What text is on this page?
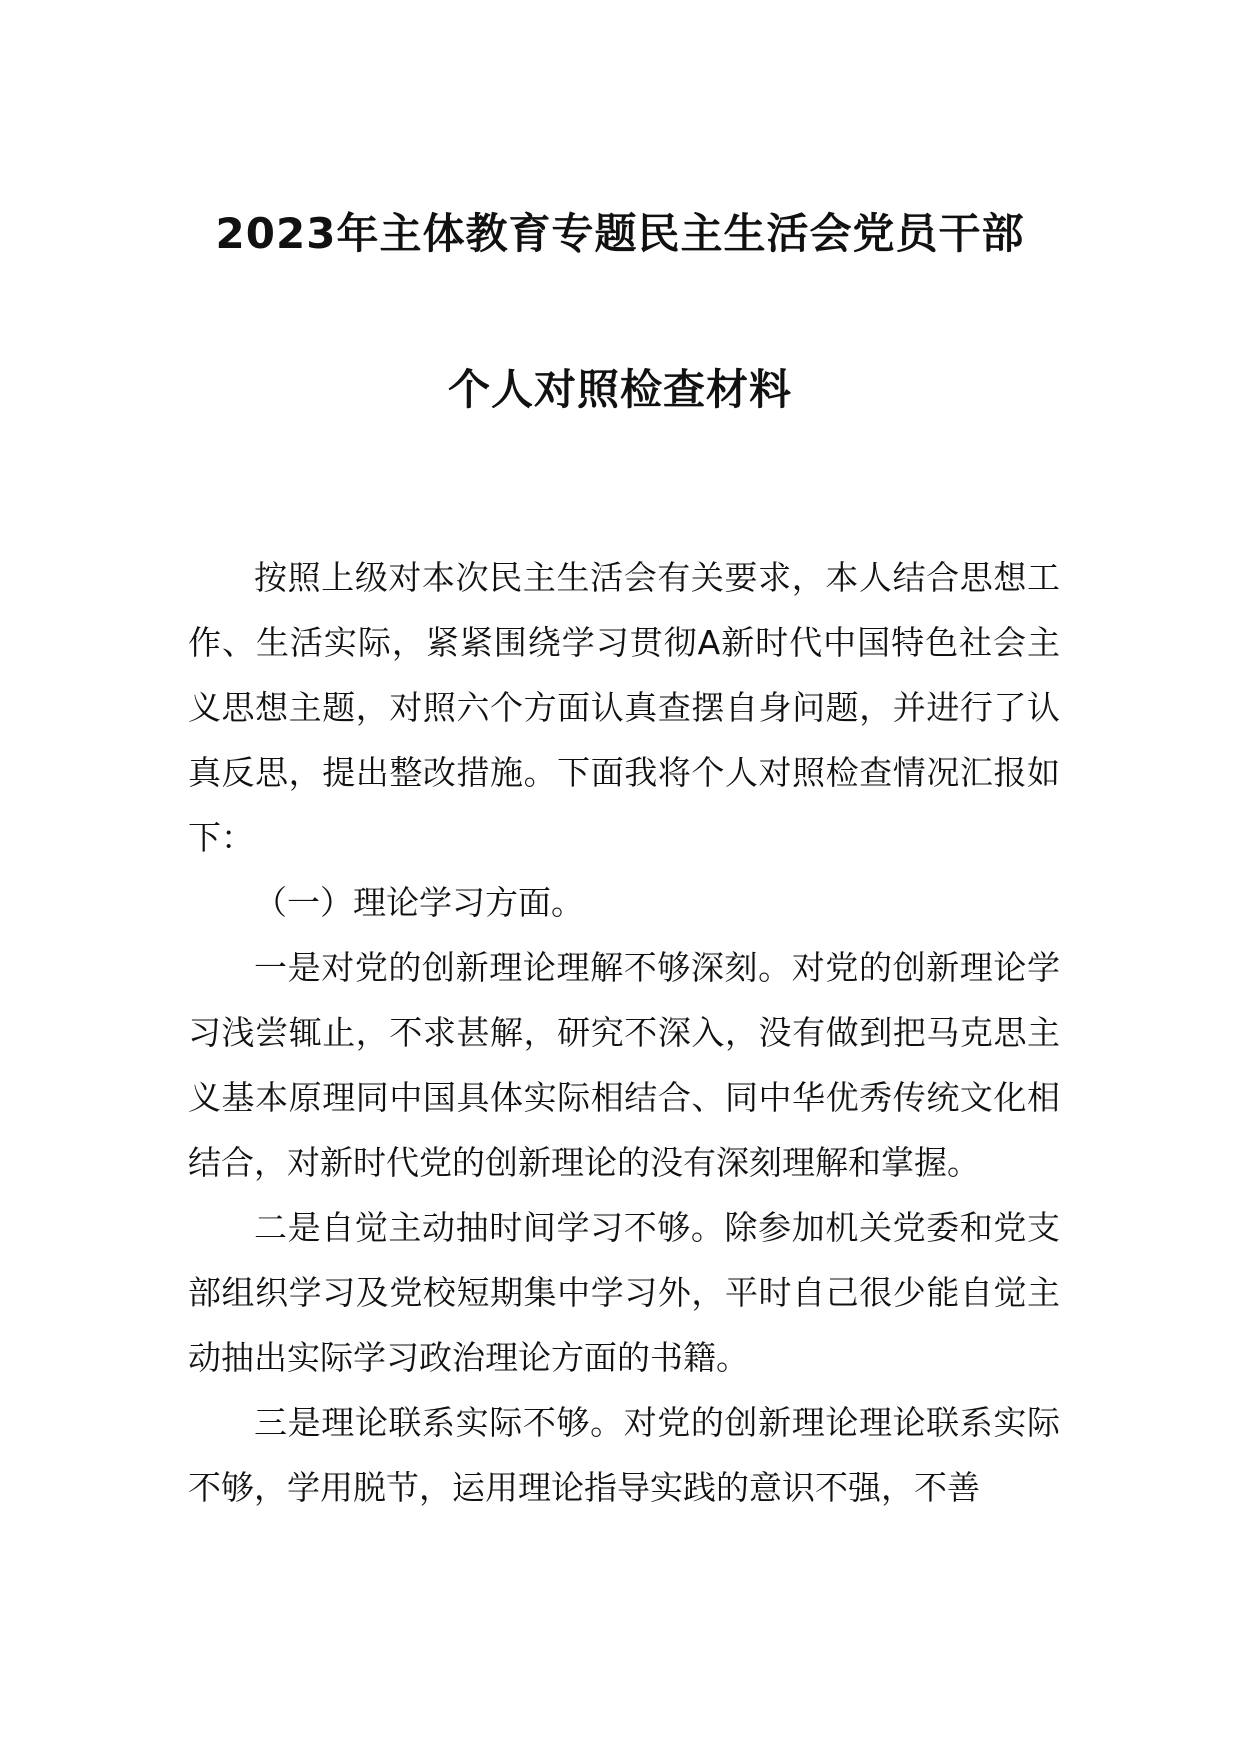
2023年主体教育专题民主生活会党员干部
个人对照检查材料

按照上级对本次民主生活会有关要求，本人结合思想工作、生活实际，紧紧围绕学习贯彻A新时代中国特色社会主义思想主题，对照六个方面认真查摆自身问题，并进行了认真反思，提出整改措施。下面我将个人对照检查情况汇报如下：

（一）理论学习方面。

一是对党的创新理论理解不够深刻。对党的创新理论学习浅尝辄止，不求甚解，研究不深入，没有做到把马克思主义基本原理同中国具体实际相结合、同中华优秀传统文化相结合，对新时代党的创新理论的没有深刻理解和掌握。

二是自觉主动抽时间学习不够。除参加机关党委和党支部组织学习及党校短期集中学习外，平时自己很少能自觉主动抽出实际学习政治理论方面的书籍。

三是理论联系实际不够。对党的创新理论理论联系实际不够，学用脱节，运用理论指导实践的意识不强，不善
